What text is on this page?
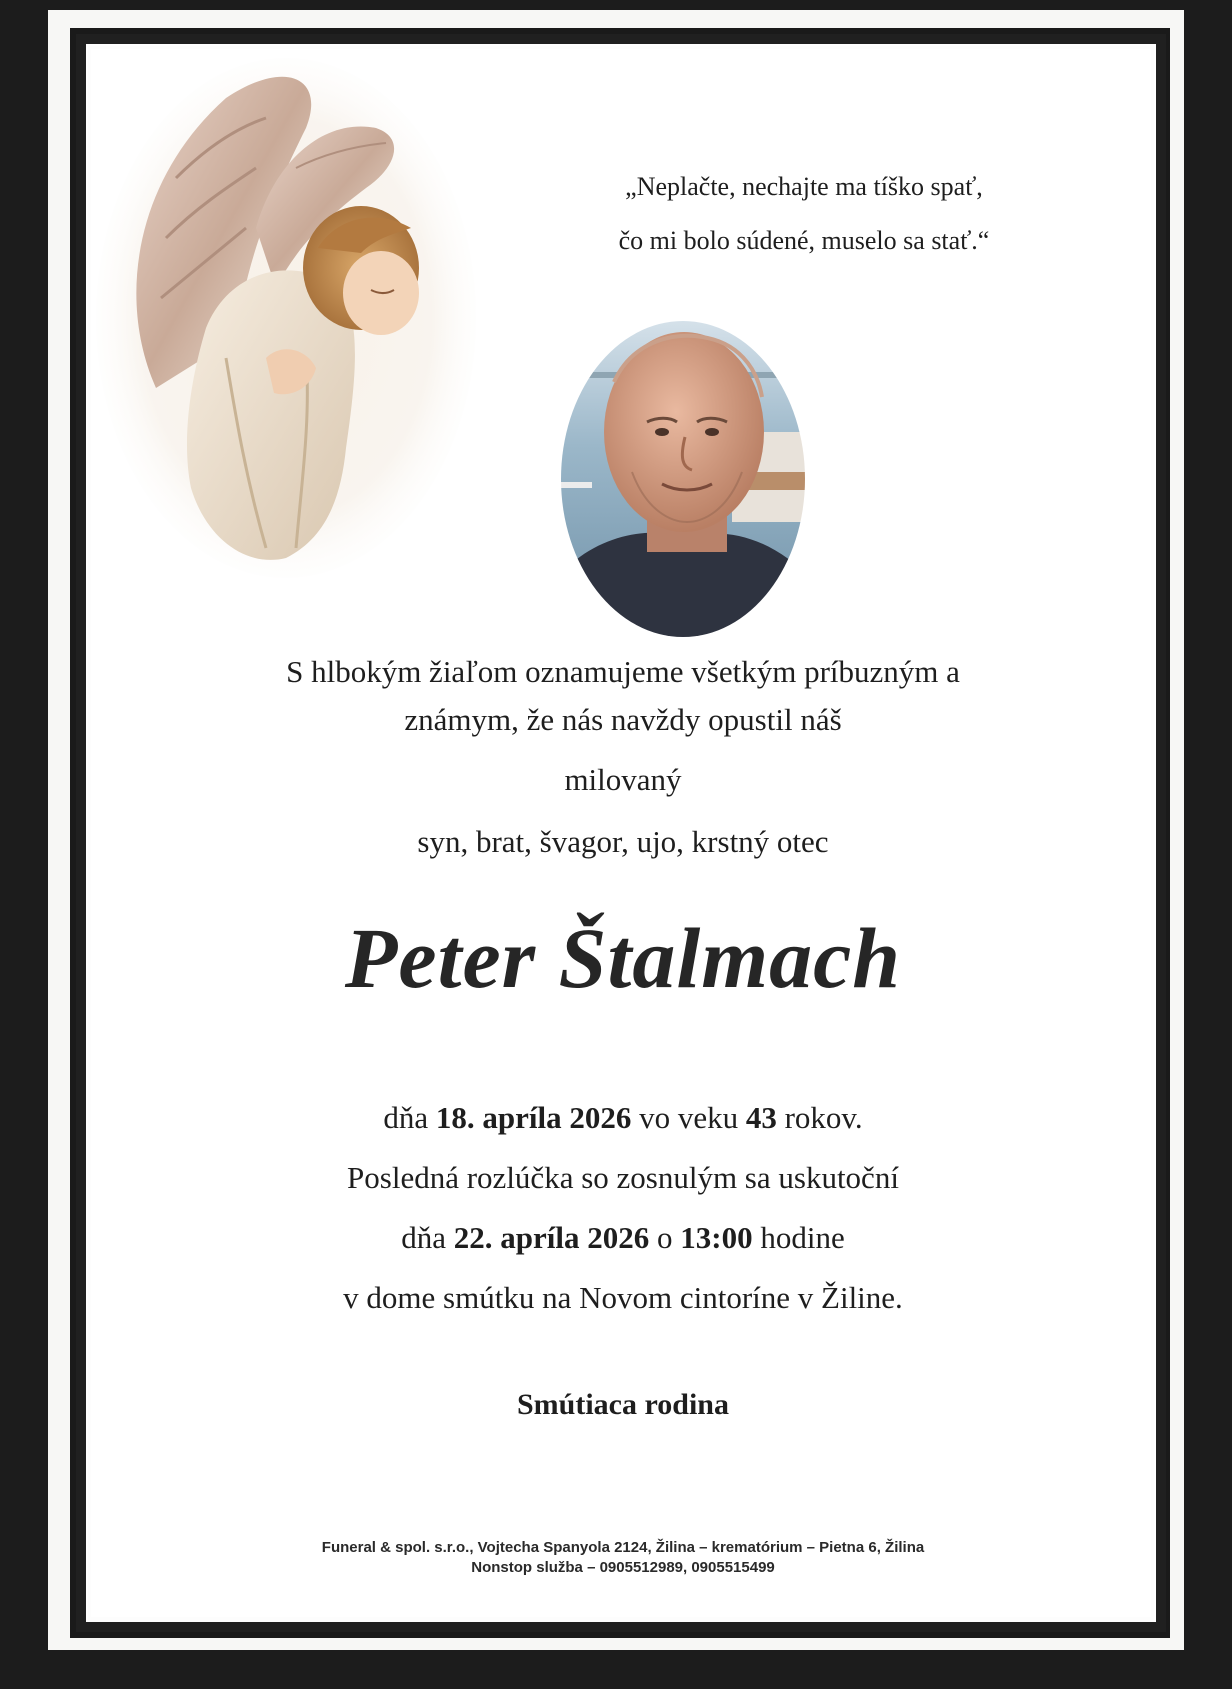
„Neplačte, nechajte ma tíško spať,
čo mi bolo súdené, muselo sa stať.“
S hlbokým žiaľom oznamujeme všetkým príbuzným a
známym, že nás navždy opustil náš
milovaný
syn, brat, švagor, ujo, krstný otec
Peter Štalmach
dňa 18. apríla 2026 vo veku 43 rokov.
Posledná rozlúčka so zosnulým sa uskutoční
dňa 22. apríla 2026 o 13:00 hodine
v dome smútku na Novom cintoríne v Žiline.
Smútiaca rodina
Funeral & spol. s.r.o., Vojtecha Spanyola 2124, Žilina – krematórium – Pietna 6, Žilina
Nonstop služba – 0905512989, 0905515499
